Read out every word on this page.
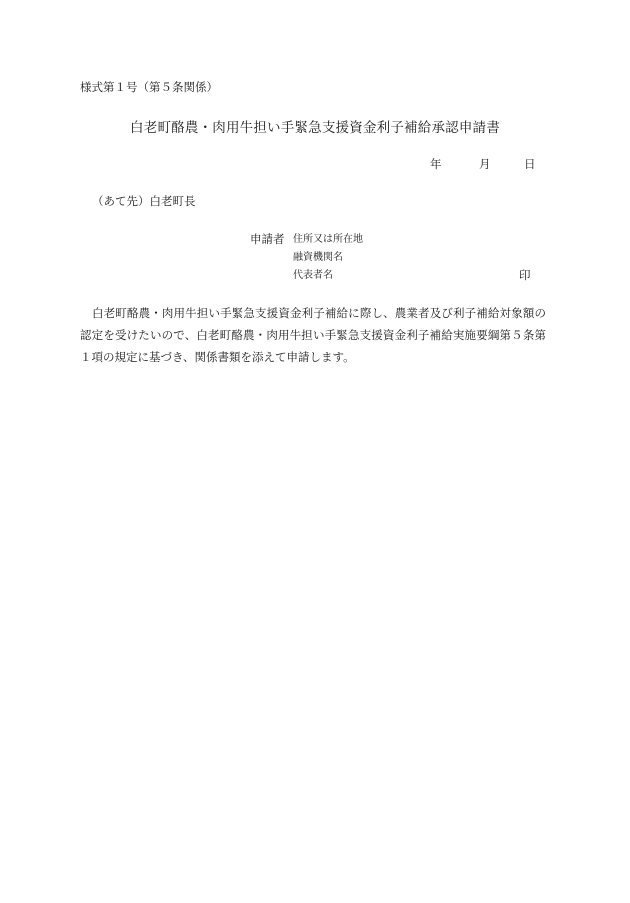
様式第１号（第５条関係）
白老町酪農・肉用牛担い手緊急支援資金利子補給承認申請書
年	月	日
（あて先）白老町長
申請者 住所又は所在地
融資機関名
代表者名	印
白老町酪農・肉用牛担い手緊急支援資金利子補給に際し、農業者及び利子補給対象額の認定を受けたいので、白老町酪農・肉用牛担い手緊急支援資金利子補給実施要綱第５条第１項の規定に基づき、関係書類を添えて申請します。
